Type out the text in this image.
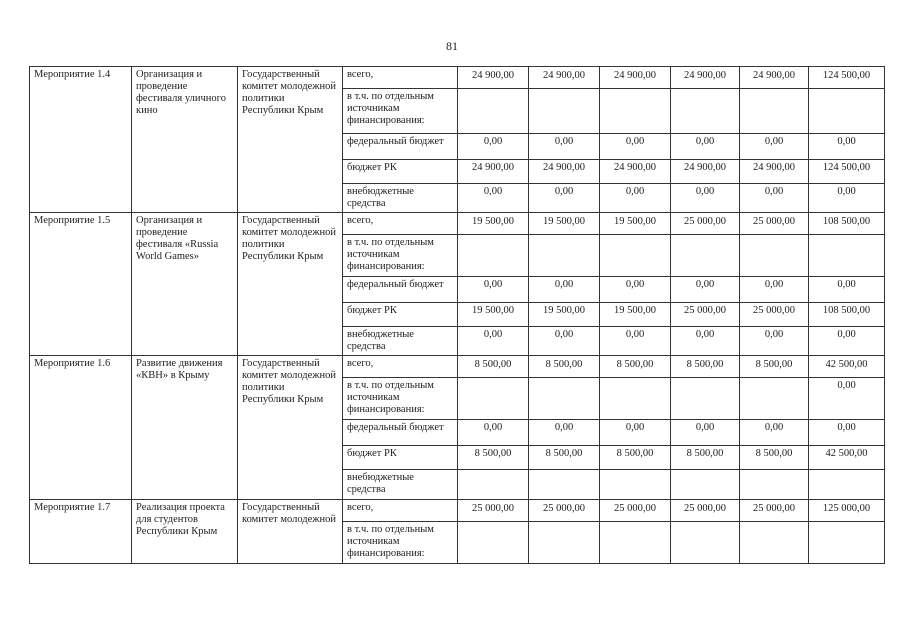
81
Мероприятие 1.4	Организация и проведение фестиваля уличного кино	Государственный комитет молодежной политики Республики Крым	всего,	24 900,00	24 900,00	24 900,00	24 900,00	24 900,00	124 500,00
			в т.ч. по отдельным источникам финансирования:						
			федеральный бюджет	0,00	0,00	0,00	0,00	0,00	0,00
			бюджет РК	24 900,00	24 900,00	24 900,00	24 900,00	24 900,00	124 500,00
			внебюджетные средства	0,00	0,00	0,00	0,00	0,00	0,00
Мероприятие 1.5	Организация и проведение фестиваля «Russia World Games»	Государственный комитет молодежной политики Республики Крым	всего,	19 500,00	19 500,00	19 500,00	25 000,00	25 000,00	108 500,00
			в т.ч. по отдельным источникам финансирования:						
			федеральный бюджет	0,00	0,00	0,00	0,00	0,00	0,00
			бюджет РК	19 500,00	19 500,00	19 500,00	25 000,00	25 000,00	108 500,00
			внебюджетные средства	0,00	0,00	0,00	0,00	0,00	0,00
Мероприятие 1.6	Развитие движения «КВН» в Крыму	Государственный комитет молодежной политики Республики Крым	всего,	8 500,00	8 500,00	8 500,00	8 500,00	8 500,00	42 500,00
			в т.ч. по отдельным источникам финансирования:						0,00
			федеральный бюджет	0,00	0,00	0,00	0,00	0,00	0,00
			бюджет РК	8 500,00	8 500,00	8 500,00	8 500,00	8 500,00	42 500,00
			внебюджетные средства						
Мероприятие 1.7	Реализация проекта для студентов Республики Крым	Государственный комитет молодежной	всего,	25 000,00	25 000,00	25 000,00	25 000,00	25 000,00	125 000,00
			в т.ч. по отдельным источникам финансирования:						
